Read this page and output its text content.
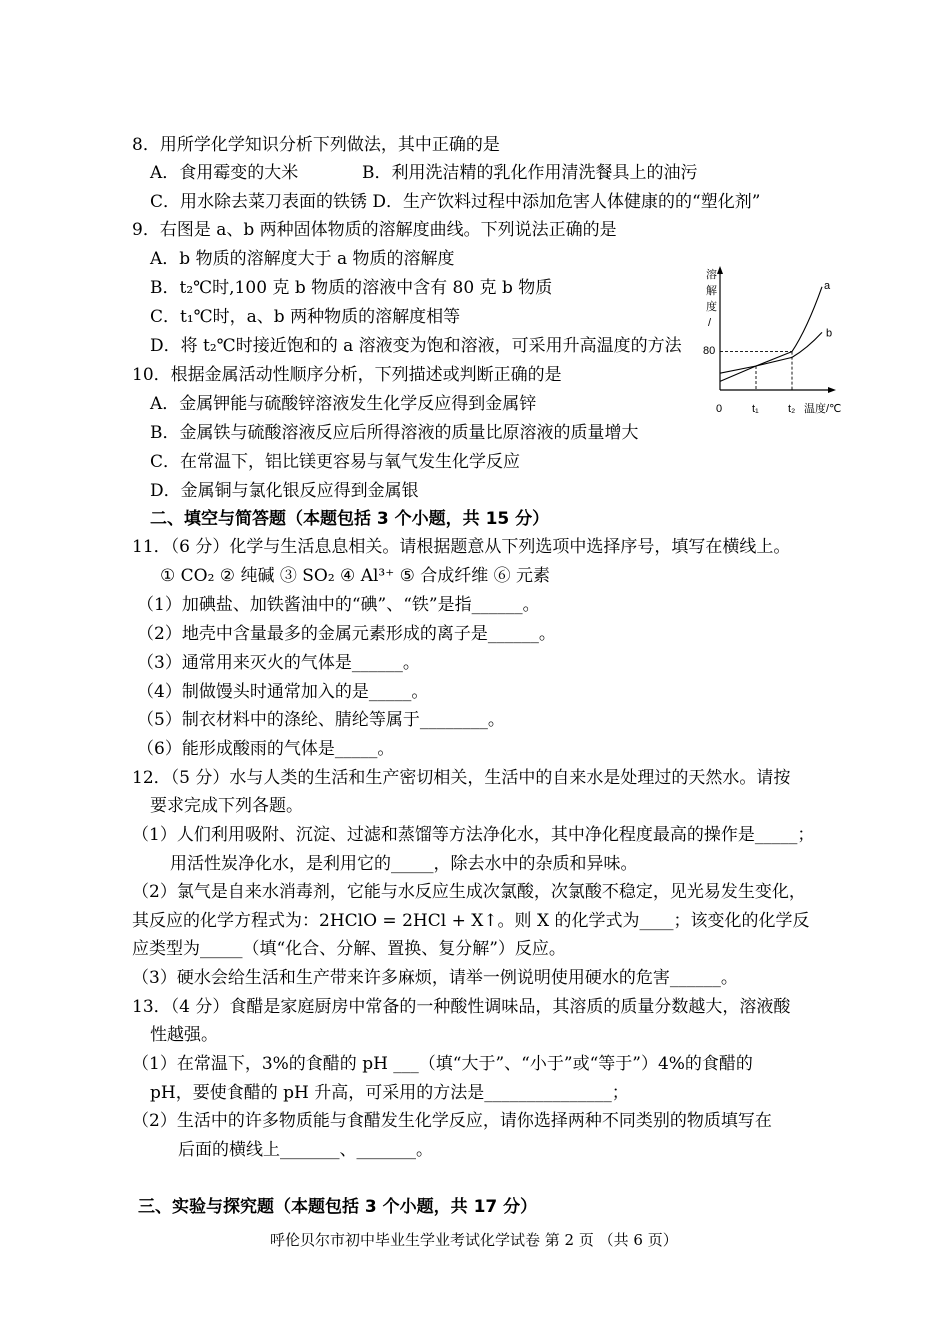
8．用所学化学知识分析下列做法，其中正确的是
A．食用霉变的大米	B．利用洗洁精的乳化作用清洗餐具上的油污
C．用水除去菜刀表面的铁锈 D．生产饮料过程中添加危害人体健康的的“塑化剂”
9．右图是 a、b 两种固体物质的溶解度曲线。下列说法正确的是
A．b 物质的溶解度大于 a 物质的溶解度
B．t₂℃时,100 克 b 物质的溶液中含有 80 克 b 物质
C．t₁℃时，a、b 两种物质的溶解度相等
D．将 t₂℃时接近饱和的 a 溶液变为饱和溶液，可采用升高温度的方法
溶
解
度
/
a
b
80
0	t₁	t₂ 温度/℃
10．根据金属活动性顺序分析，下列描述或判断正确的是
A．金属钾能与硫酸锌溶液发生化学反应得到金属锌
B．金属铁与硫酸溶液反应后所得溶液的质量比原溶液的质量增大
C．在常温下，铝比镁更容易与氧气发生化学反应
D．金属铜与氯化银反应得到金属银
二、填空与简答题（本题包括 3 个小题，共 15 分）
11．（6 分）化学与生活息息相关。请根据题意从下列选项中选择序号，填写在横线上。
① CO₂ ② 纯碱 ③ SO₂ ④ Al³⁺ ⑤ 合成纤维 ⑥ 元素
（1）加碘盐、加铁酱油中的“碘”、“铁”是指______。
（2）地壳中含量最多的金属元素形成的离子是______。
（3）通常用来灭火的气体是______。
（4）制做馒头时通常加入的是_____。
（5）制衣材料中的涤纶、腈纶等属于________。
（6）能形成酸雨的气体是_____。
12．（5 分）水与人类的生活和生产密切相关，生活中的自来水是处理过的天然水。请按
要求完成下列各题。
（1）人们利用吸附、沉淀、过滤和蒸馏等方法净化水，其中净化程度最高的操作是_____；
用活性炭净化水，是利用它的_____，除去水中的杂质和异味。
（2）氯气是自来水消毒剂，它能与水反应生成次氯酸，次氯酸不稳定，见光易发生变化，
其反应的化学方程式为：2HClO = 2HCl + X↑。则 X 的化学式为____；该变化的化学反
应类型为_____（填“化合、分解、置换、复分解”）反应。
（3）硬水会给生活和生产带来许多麻烦，请举一例说明使用硬水的危害______。
13．（4 分）食醋是家庭厨房中常备的一种酸性调味品，其溶质的质量分数越大，溶液酸
性越强。
（1）在常温下，3%的食醋的 pH ___（填“大于”、“小于”或“等于”）4%的食醋的
pH，要使食醋的 pH 升高，可采用的方法是_______________；
（2）生活中的许多物质能与食醋发生化学反应，请你选择两种不同类别的物质填写在
后面的横线上_______、_______。
三、实验与探究题（本题包括 3 个小题，共 17 分）
呼伦贝尔市初中毕业生学业考试化学试卷 第 2 页 （共 6 页）
